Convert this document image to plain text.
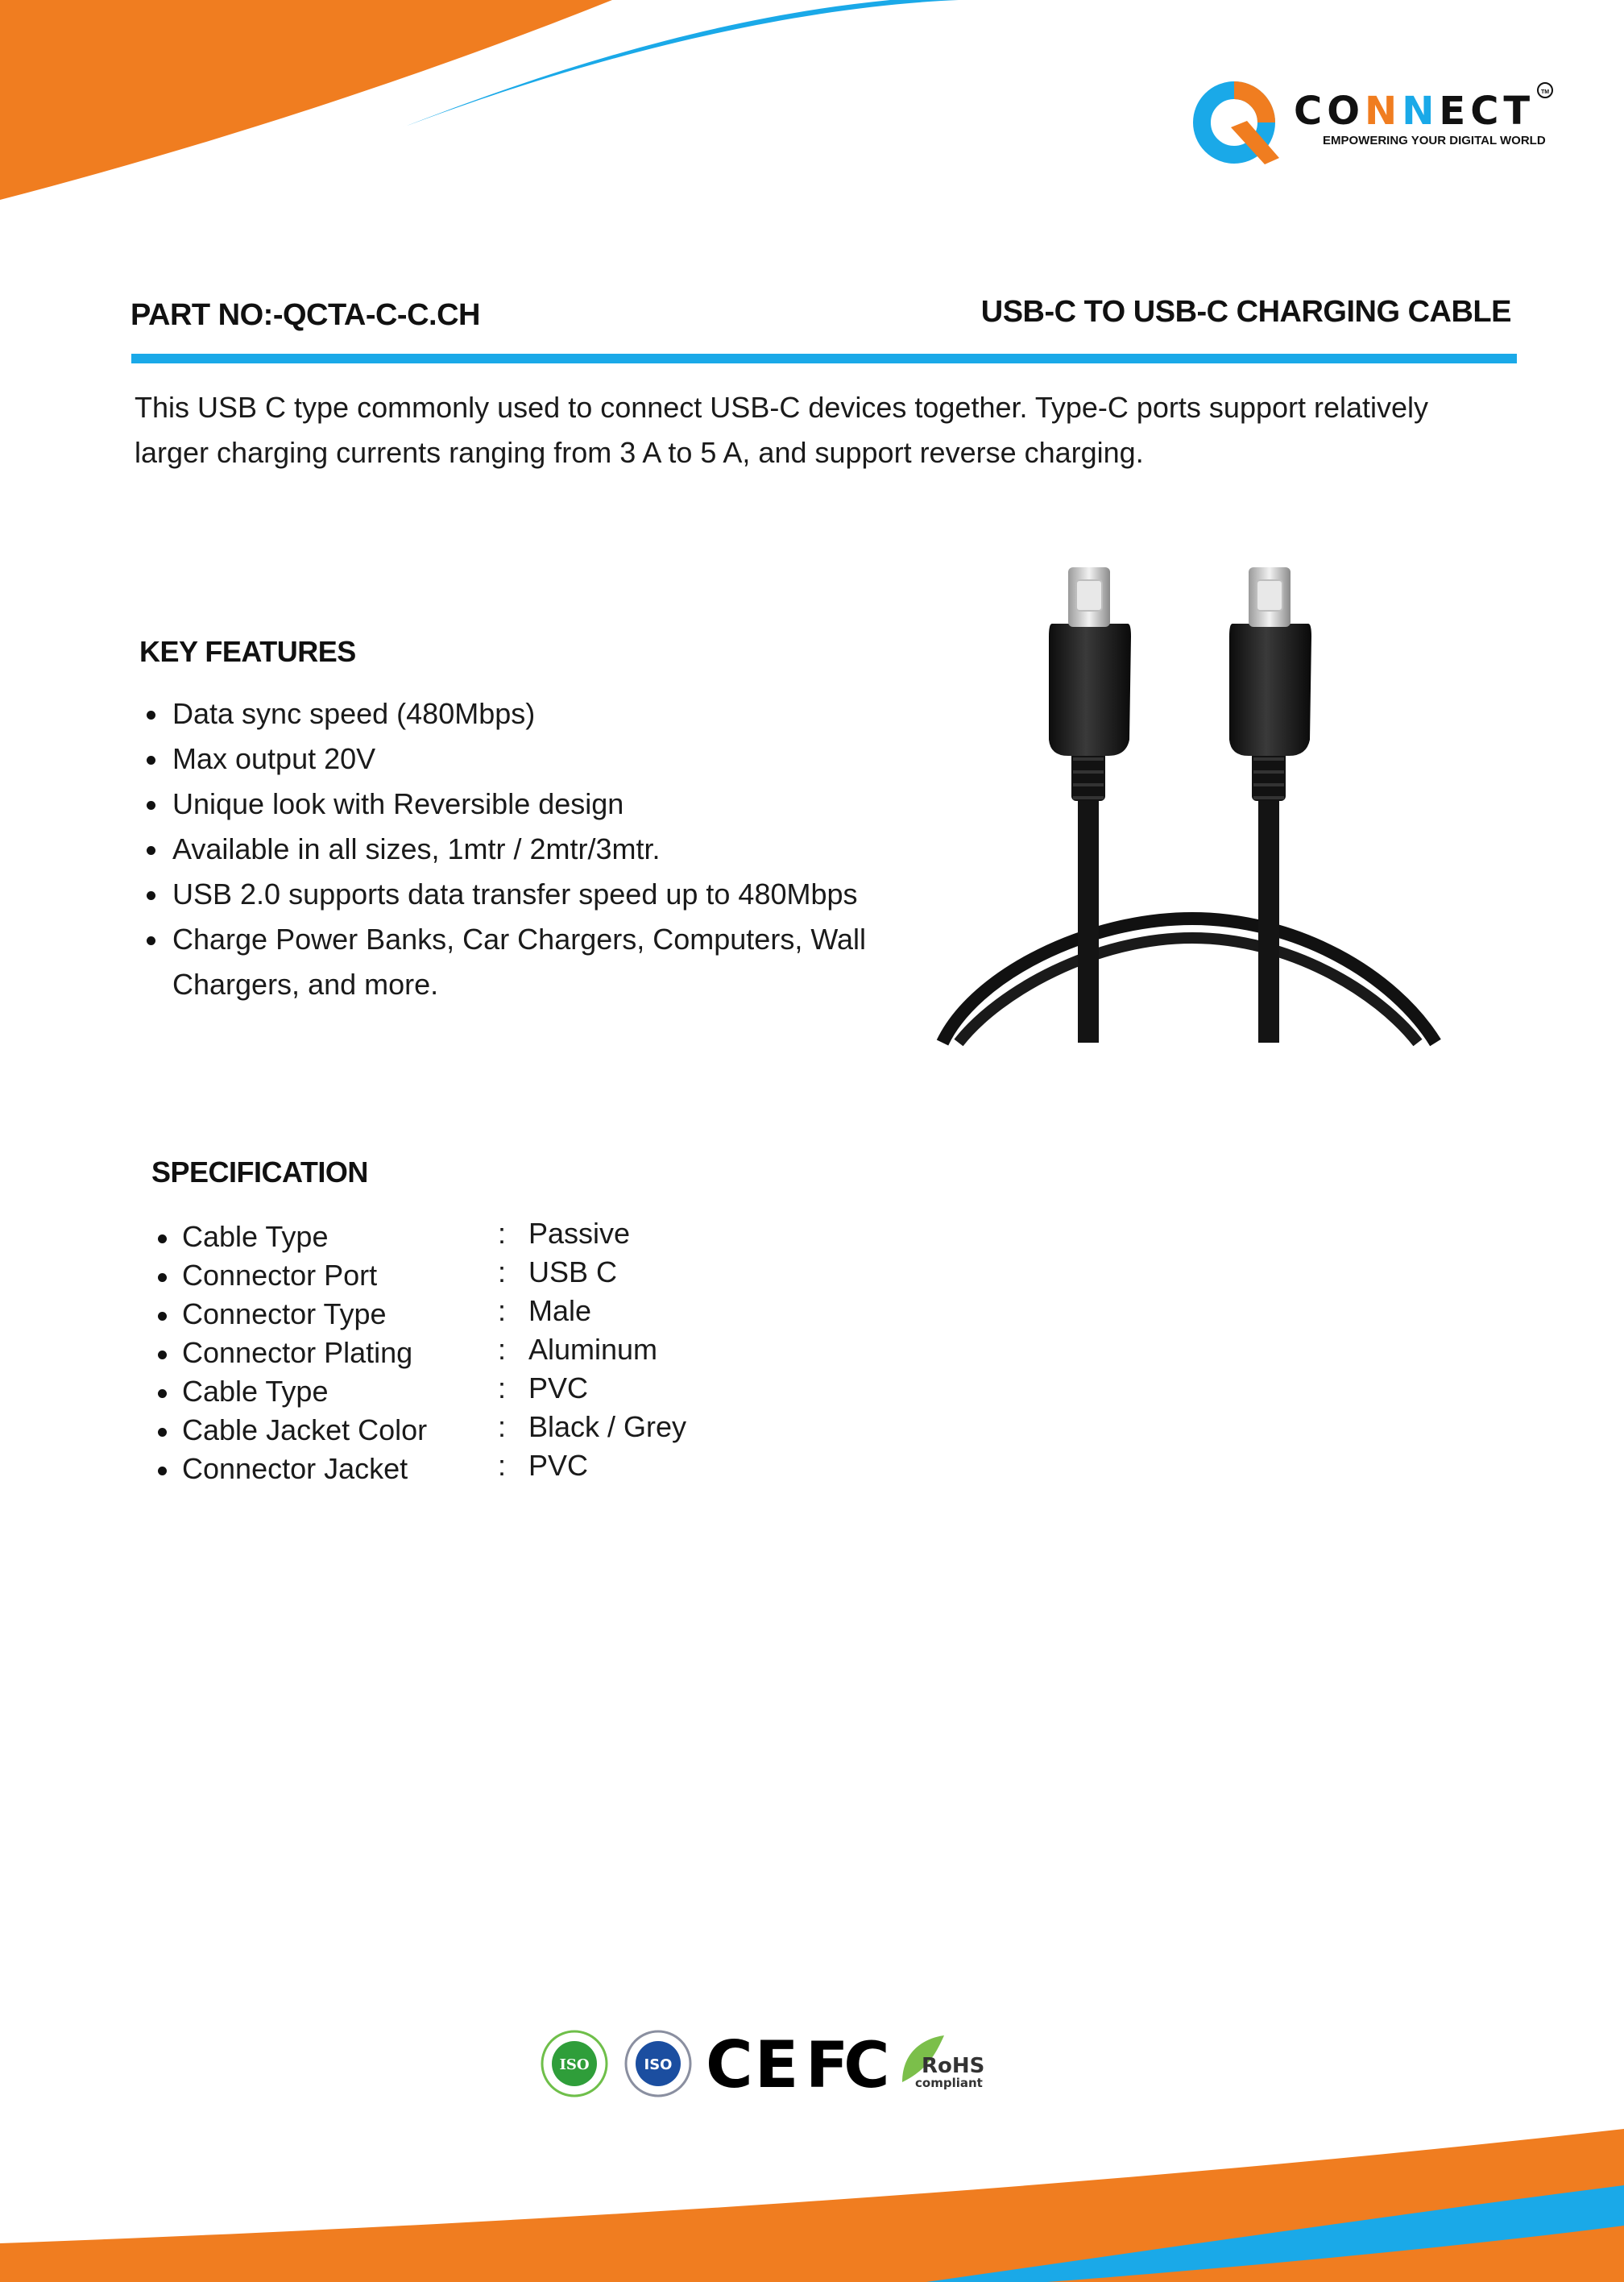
CONNECT	TM
EMPOWERING YOUR DIGITAL WORLD
PART NO:-QCTA-C-C.CH	USB-C TO USB-C CHARGING CABLE
This USB C type commonly used to connect USB-C devices together. Type-C ports support relatively larger charging currents ranging from 3 A to 5 A, and support reverse charging.
KEY FEATURES
Data sync speed (480Mbps)
Max output 20V
Unique look with Reversible design
Available in all sizes, 1mtr / 2mtr/3mtr.
USB 2.0 supports data transfer speed up to 480Mbps
Charge Power Banks, Car Chargers, Computers, Wall Chargers, and more.
SPECIFICATION
Cable Type	: Passive
Connector Port	: USB C
Connector Type	: Male
Connector Plating	: Aluminum
Cable Type	: PVC
Cable Jacket Color : Black / Grey
Connector Jacket	: PVC
ISO	ISO CE FC RoHS
compliant
